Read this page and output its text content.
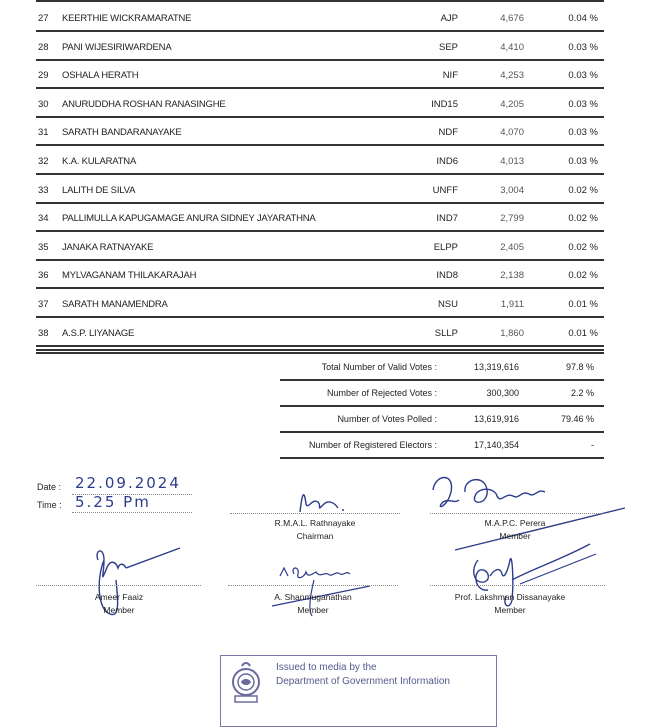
27 KEERTHIE WICKRAMARATNE	AJP	4,676	0.04 %
28 PANI WIJESIRIWARDENA	SEP	4,410	0.03 %
29 OSHALA HERATH	NIF	4,253	0.03 %
30 ANURUDDHA ROSHAN RANASINGHE	IND15	4,205	0.03 %
31 SARATH BANDARANAYAKE	NDF	4,070	0.03 %
32 K.A. KULARATNA	IND6	4,013	0.03 %
33 LALITH DE SILVA	UNFF	3,004	0.02 %
34 PALLIMULLA KAPUGAMAGE ANURA SIDNEY JAYARATHNA	IND7	2,799	0.02 %
35 JANAKA RATNAYAKE	ELPP	2,405	0.02 %
36 MYLVAGANAM THILAKARAJAH	IND8	2,138	0.02 %
37 SARATH MANAMENDRA	NSU	1,911	0.01 %
38 A.S.P. LIYANAGE	SLLP	1,860	0.01 %
Total Number of Valid Votes :	13,319,616	97.8 %
Number of Rejected Votes :	300,300	2.2 %
Number of Votes Polled :	13,619,916	79.46 %
Number of Registered Electors :	17,140,354	-
Date : 22.09.2024
Time : 5.25 Pm
R.M.A.L. Rathnayake
Chairman
M.A.P.C. Perera
Member
Ameer Faaiz
Member
A. Shanmuganathan
Member
Prof. Lakshman Dissanayake
Member
Issued to media by the
Department of Government Information
